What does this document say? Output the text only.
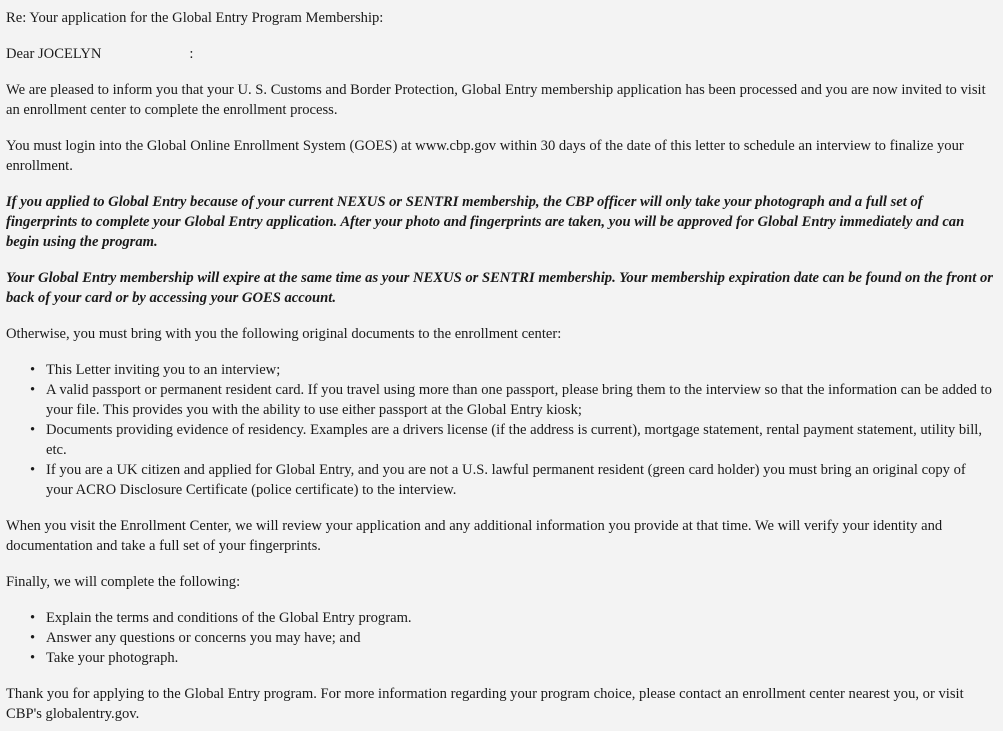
Re: Your application for the Global Entry Program Membership:

Dear JOCELYN	:

We are pleased to inform you that your U. S. Customs and Border Protection, Global Entry membership application has been processed and you are now invited to visit an enrollment center to complete the enrollment process.

You must login into the Global Online Enrollment System (GOES) at www.cbp.gov within 30 days of the date of this letter to schedule an interview to finalize your enrollment.

If you applied to Global Entry because of your current NEXUS or SENTRI membership, the CBP officer will only take your photograph and a full set of fingerprints to complete your Global Entry application. After your photo and fingerprints are taken, you will be approved for Global Entry immediately and can begin using the program.

Your Global Entry membership will expire at the same time as your NEXUS or SENTRI membership. Your membership expiration date can be found on the front or back of your card or by accessing your GOES account.

Otherwise, you must bring with you the following original documents to the enrollment center:

• This Letter inviting you to an interview;
• A valid passport or permanent resident card. If you travel using more than one passport, please bring them to the interview so that the information can be added to your file. This provides you with the ability to use either passport at the Global Entry kiosk;
• Documents providing evidence of residency. Examples are a drivers license (if the address is current), mortgage statement, rental payment statement, utility bill, etc.
• If you are a UK citizen and applied for Global Entry, and you are not a U.S. lawful permanent resident (green card holder) you must bring an original copy of your ACRO Disclosure Certificate (police certificate) to the interview.

When you visit the Enrollment Center, we will review your application and any additional information you provide at that time. We will verify your identity and documentation and take a full set of your fingerprints.

Finally, we will complete the following:

• Explain the terms and conditions of the Global Entry program.
• Answer any questions or concerns you may have; and
• Take your photograph.

Thank you for applying to the Global Entry program. For more information regarding your program choice, please contact an enrollment center nearest you, or visit CBP's globalentry.gov.
